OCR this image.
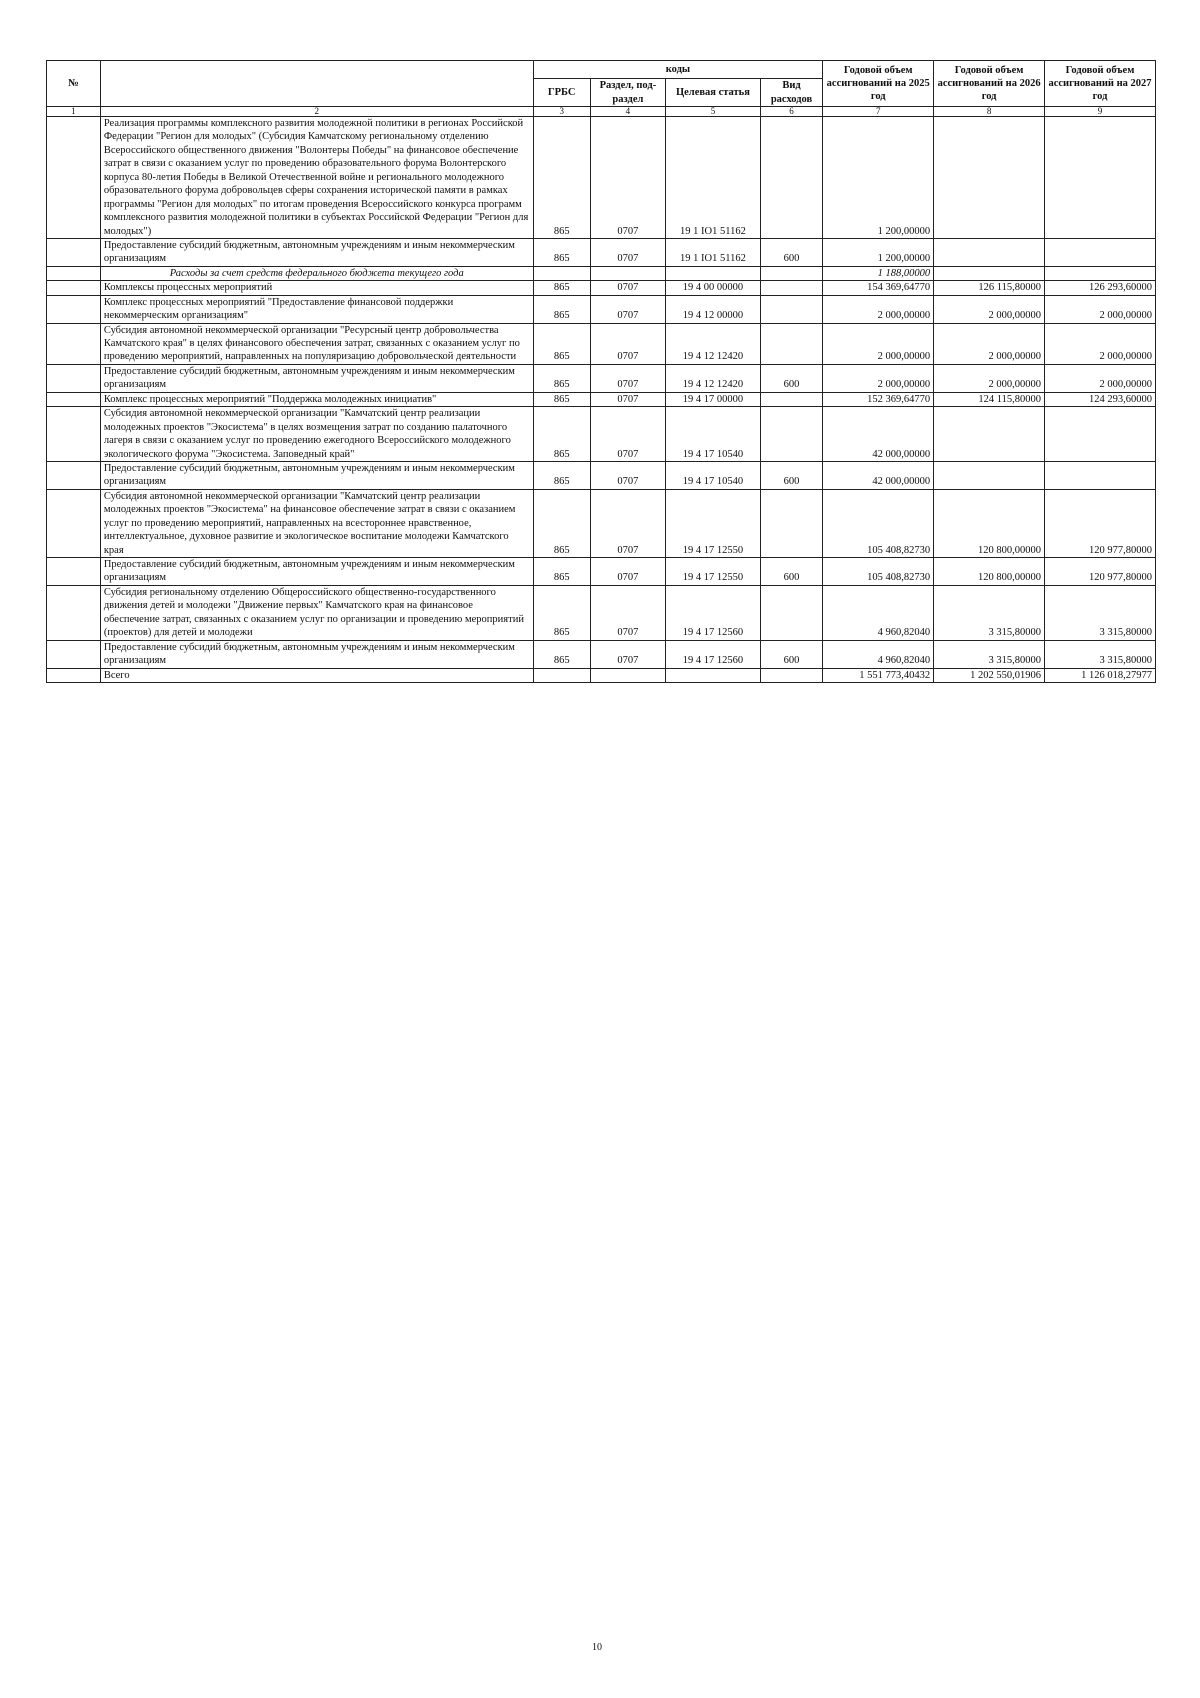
№		коды				Годовой объем ассигнований на 2025 год	Годовой объем ассигнований на 2026 год	Годовой объем ассигнований на 2027 год
		ГРБС	Раздел, под-раздел	Целевая статья	Вид расходов			
1	2	3	4	5	6	7	8	9
	Реализация программы комплексного развития молодежной политики в регионах Российской Федерации "Регион для молодых" (Субсидия Камчатскому региональному отделению Всероссийского общественного движения "Волонтеры Победы" на финансовое обеспечение затрат в связи с оказанием услуг по проведению образовательного форума Волонтерского корпуса 80-летия Победы в Великой Отечественной войне и регионального молодежного образовательного форума добровольцев сферы сохранения исторической памяти в рамках программы "Регион для молодых" по итогам проведения Всероссийского конкурса программ комплексного развития молодежной политики в субъектах Российской Федерации "Регион для молодых")	865	0707	19 1 IO1 51162		1 200,00000		
	Предоставление субсидий бюджетным, автономным учреждениям и иным некоммерческим организациям	865	0707	19 1 IO1 51162	600	1 200,00000		
	Расходы за счет средств федерального бюджета текущего года					1 188,00000		
	Комплексы процессных мероприятий	865	0707	19 4 00 00000		154 369,64770	126 115,80000	126 293,60000
	Комплекс процессных мероприятий "Предоставление финансовой поддержки некоммерческим организациям"	865	0707	19 4 12 00000		2 000,00000	2 000,00000	2 000,00000
	Субсидия автономной некоммерческой организации "Ресурсный центр добровольчества Камчатского края" в целях финансового обеспечения затрат, связанных с оказанием услуг по проведению мероприятий, направленных на популяризацию добровольческой деятельности	865	0707	19 4 12 12420		2 000,00000	2 000,00000	2 000,00000
	Предоставление субсидий бюджетным, автономным учреждениям и иным некоммерческим организациям	865	0707	19 4 12 12420	600	2 000,00000	2 000,00000	2 000,00000
	Комплекс процессных мероприятий "Поддержка молодежных инициатив"	865	0707	19 4 17 00000		152 369,64770	124 115,80000	124 293,60000
	Субсидия автономной некоммерческой организации "Камчатский центр реализации молодежных проектов "Экосистема" в целях возмещения затрат по созданию палаточного лагеря в связи с оказанием услуг по проведению ежегодного Всероссийского молодежного экологического форума "Экосистема. Заповедный край"	865	0707	19 4 17 10540		42 000,00000		
	Предоставление субсидий бюджетным, автономным учреждениям и иным некоммерческим организациям	865	0707	19 4 17 10540	600	42 000,00000		
	Субсидия автономной некоммерческой организации "Камчатский центр реализации молодежных проектов "Экосистема" на финансовое обеспечение затрат в связи с оказанием услуг по проведению мероприятий, направленных на всестороннее нравственное, интеллектуальное, духовное развитие и экологическое воспитание молодежи Камчатского края	865	0707	19 4 17 12550		105 408,82730	120 800,00000	120 977,80000
	Предоставление субсидий бюджетным, автономным учреждениям и иным некоммерческим организациям	865	0707	19 4 17 12550	600	105 408,82730	120 800,00000	120 977,80000
	Субсидия региональному отделению Общероссийского общественно-государственного движения детей и молодежи "Движение первых" Камчатского края на финансовое обеспечение затрат, связанных с оказанием услуг по организации и проведению мероприятий (проектов) для детей и молодежи	865	0707	19 4 17 12560		4 960,82040	3 315,80000	3 315,80000
	Предоставление субсидий бюджетным, автономным учреждениям и иным некоммерческим организациям	865	0707	19 4 17 12560	600	4 960,82040	3 315,80000	3 315,80000
	Всего					1 551 773,40432	1 202 550,01906	1 126 018,27977
10
